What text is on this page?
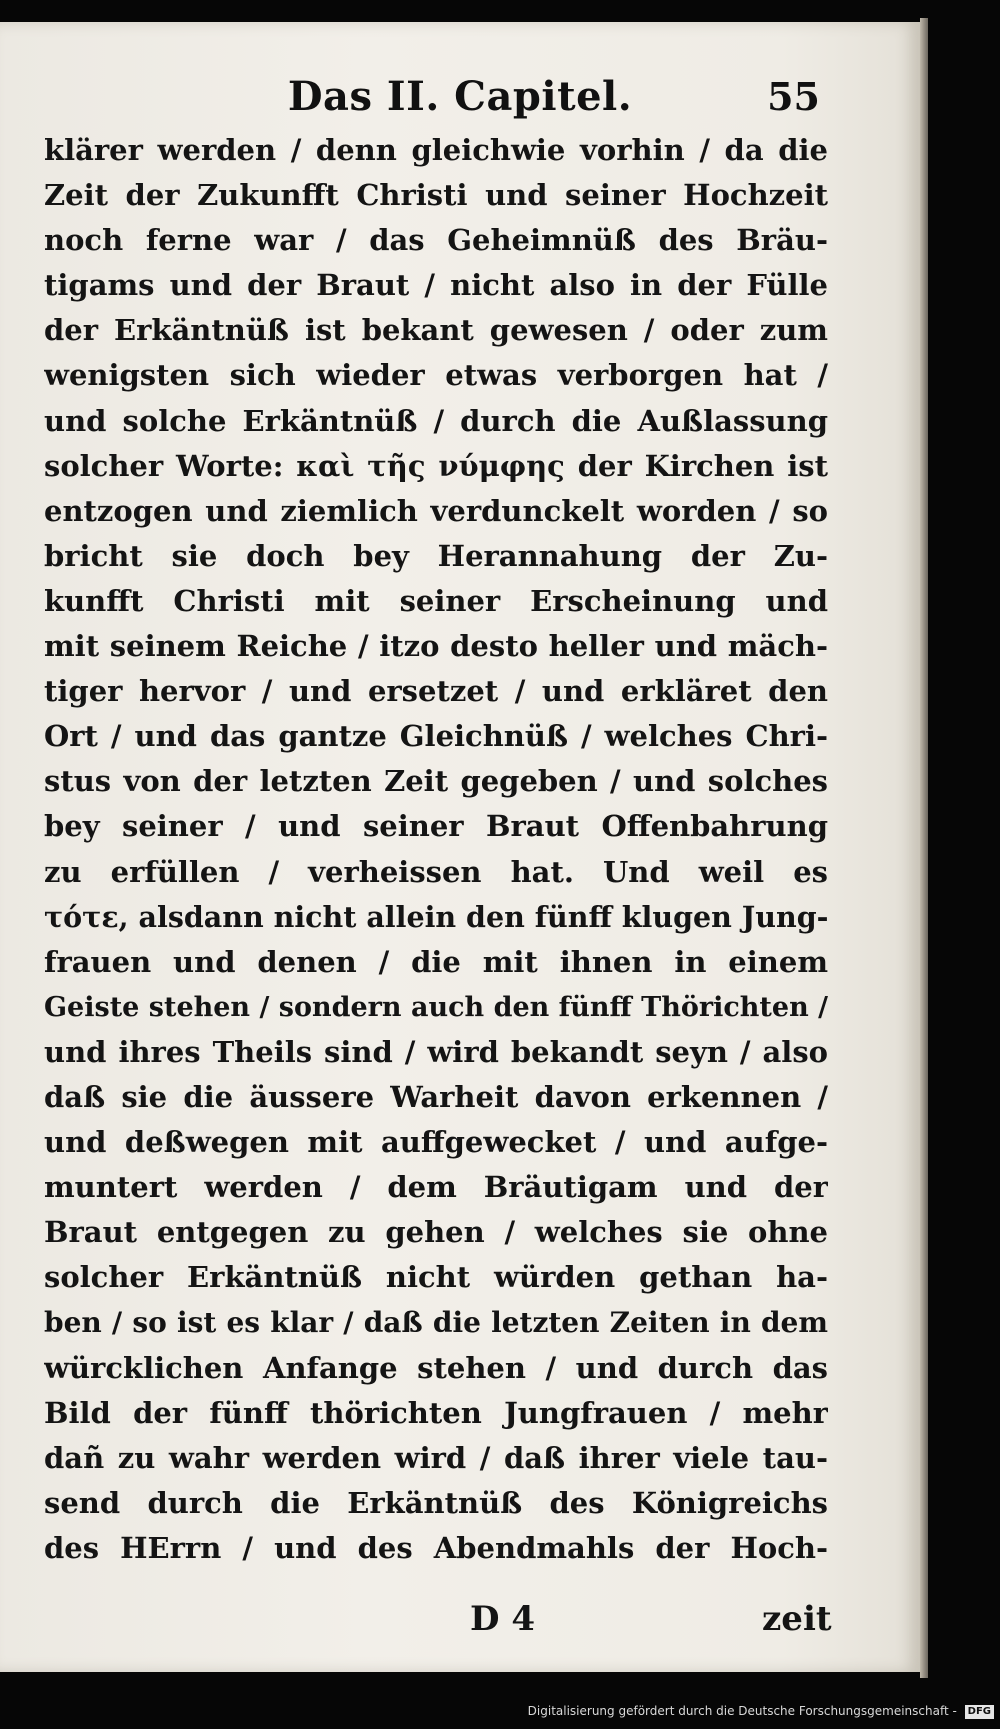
Das II. Capitel.	55
klärer werden / denn gleichwie vorhin / da die
Zeit der Zukunfft Christi und seiner Hochzeit
noch ferne war / das Geheimnüß des Bräu-
tigams und der Braut / nicht also in der Fülle
der Erkäntnüß ist bekant gewesen / oder zum
wenigsten sich wieder etwas verborgen hat /
und solche Erkäntnüß / durch die Außlassung
solcher Worte: καὶ τῆς νύμφης der Kirchen ist
entzogen und ziemlich verdunckelt worden / so
bricht sie doch bey Herannahung der Zu-
kunfft Christi mit seiner Erscheinung und
mit seinem Reiche / itzo desto heller und mäch-
tiger hervor / und ersetzet / und erkläret den
Ort / und das gantze Gleichnüß / welches Chri-
stus von der letzten Zeit gegeben / und solches
bey seiner / und seiner Braut Offenbahrung
zu erfüllen / verheissen hat. Und weil es
τότε, alsdann nicht allein den fünff klugen Jung-
frauen und denen / die mit ihnen in einem
Geiste stehen / sondern auch den fünff Thörichten /
und ihres Theils sind / wird bekandt seyn / also
daß sie die äussere Warheit davon erkennen /
und deßwegen mit auffgewecket / und aufge-
muntert werden / dem Bräutigam und der
Braut entgegen zu gehen / welches sie ohne
solcher Erkäntnüß nicht würden gethan ha-
ben / so ist es klar / daß die letzten Zeiten in dem
würcklichen Anfange stehen / und durch das
Bild der fünff thörichten Jungfrauen / mehr
dañ zu wahr werden wird / daß ihrer viele tau-
send durch die Erkäntnüß des Königreichs
des HErrn / und des Abendmahls der Hoch-
D 4	zeit
Digitalisierung gefördert durch die Deutsche Forschungsgemeinschaft - DFG
